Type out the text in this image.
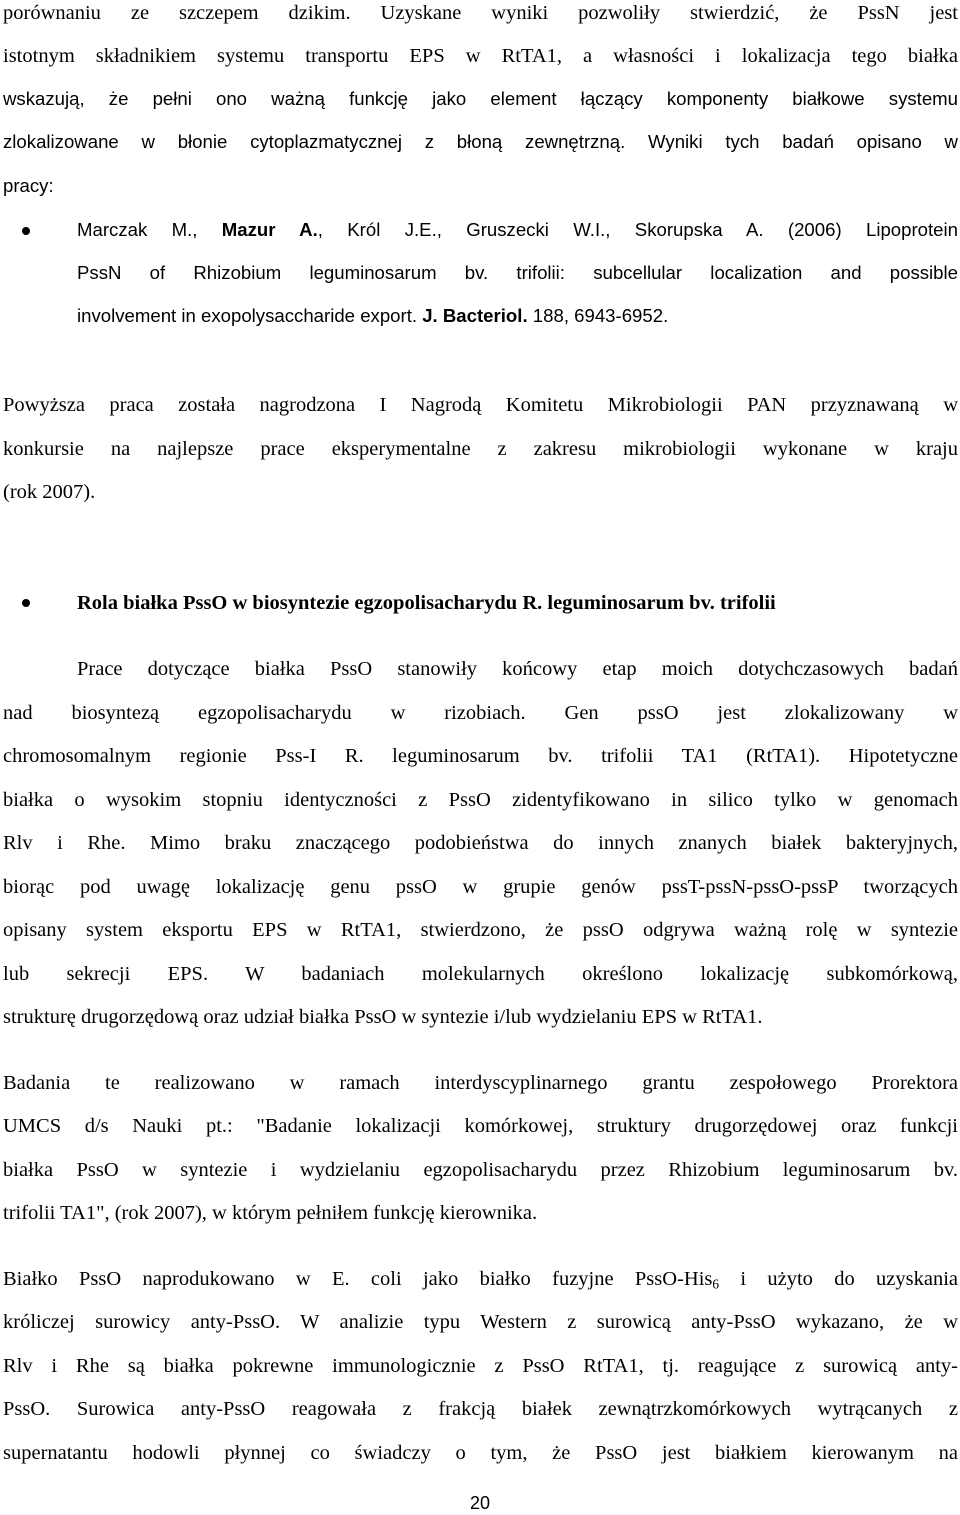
porównaniu ze szczepem dzikim. Uzyskane wyniki pozwoliły stwierdzić, że PssN jest
istotnym składnikiem systemu transportu EPS w RtTA1, a własności i lokalizacja tego białka
wskazują, że pełni ono ważną funkcję jako element łączący komponenty białkowe systemu
zlokalizowane w błonie cytoplazmatycznej z błoną zewnętrzną. Wyniki tych badań opisano w
pracy:
Marczak M., Mazur A., Król J.E., Gruszecki W.I., Skorupska A. (2006) Lipoprotein
PssN of Rhizobium leguminosarum bv. trifolii: subcellular localization and possible
involvement in exopolysaccharide export. J. Bacteriol. 188, 6943-6952.
Powyższa praca została nagrodzona I Nagrodą Komitetu Mikrobiologii PAN przyznawaną w
konkursie na najlepsze prace eksperymentalne z zakresu mikrobiologii wykonane w kraju
(rok 2007).
Rola białka PssO w biosyntezie egzopolisacharydu R. leguminosarum bv. trifolii
Prace dotyczące białka PssO stanowiły końcowy etap moich dotychczasowych badań
nad biosyntezą egzopolisacharydu w rizobiach. Gen pssO jest zlokalizowany w
chromosomalnym regionie Pss-I R. leguminosarum bv. trifolii TA1 (RtTA1). Hipotetyczne
białka o wysokim stopniu identyczności z PssO zidentyfikowano in silico tylko w genomach
Rlv i Rhe. Mimo braku znaczącego podobieństwa do innych znanych białek bakteryjnych,
biorąc pod uwagę lokalizację genu pssO w grupie genów pssT-pssN-pssO-pssP tworzących
opisany system eksportu EPS w RtTA1, stwierdzono, że pssO odgrywa ważną rolę w syntezie
lub sekrecji EPS. W badaniach molekularnych określono lokalizację subkomórkową,
strukturę drugorzędową oraz udział białka PssO w syntezie i/lub wydzielaniu EPS w RtTA1.
Badania te realizowano w ramach interdyscyplinarnego grantu zespołowego Prorektora
UMCS d/s Nauki pt.: "Badanie lokalizacji komórkowej, struktury drugorzędowej oraz funkcji
białka PssO w syntezie i wydzielaniu egzopolisacharydu przez Rhizobium leguminosarum bv.
trifolii TA1", (rok 2007), w którym pełniłem funkcję kierownika.
Białko PssO naprodukowano w E. coli jako białko fuzyjne PssO-His$_6$ i użyto do uzyskania
króliczej surowicy anty-PssO. W analizie typu Western z surowicą anty-PssO wykazano, że w
Rlv i Rhe są białka pokrewne immunologicznie z PssO RtTA1, tj. reagujące z surowicą anty-
PssO. Surowica anty-PssO reagowała z frakcją białek zewnątrzkomórkowych wytrącanych z
supernatantu hodowli płynnej co świadczy o tym, że PssO jest białkiem kierowanym na
20
